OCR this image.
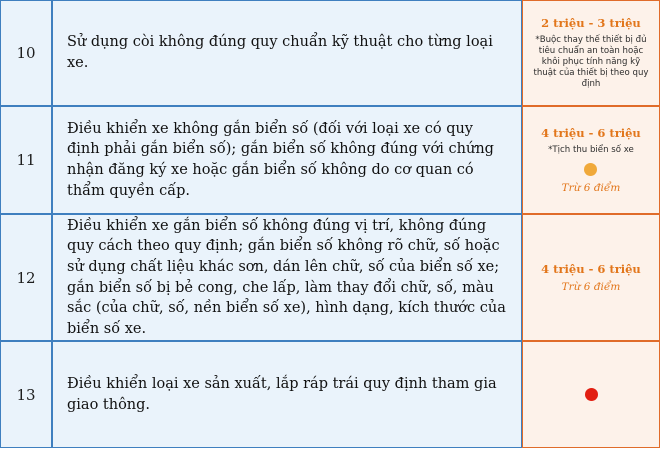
10
Sử dụng còi không đúng quy chuẩn kỹ thuật cho từng loại xe.
2 triệu - 3 triệu
*Buộc thay thế thiết bị đủ tiêu chuẩn an toàn hoặc khôi phục tính năng kỹ thuật của thiết bị theo quy định
11
Điều khiển xe không gắn biển số (đối với loại xe có quy định phải gắn biển số); gắn biển số không đúng với chứng nhận đăng ký xe hoặc gắn biển số không do cơ quan có thẩm quyền cấp.
4 triệu - 6 triệu
*Tịch thu biển số xe
Trừ 6 điểm
12
Điều khiển xe gắn biển số không đúng vị trí, không đúng quy cách theo quy định; gắn biển số không rõ chữ, số hoặc sử dụng chất liệu khác sơn, dán lên chữ, số của biển số xe; gắn biển số bị bẻ cong, che lấp, làm thay đổi chữ, số, màu sắc (của chữ, số, nền biển số xe), hình dạng, kích thước của biển số xe.
4 triệu - 6 triệu
Trừ 6 điểm
13
Điều khiển loại xe sản xuất, lắp ráp trái quy định tham gia giao thông.
